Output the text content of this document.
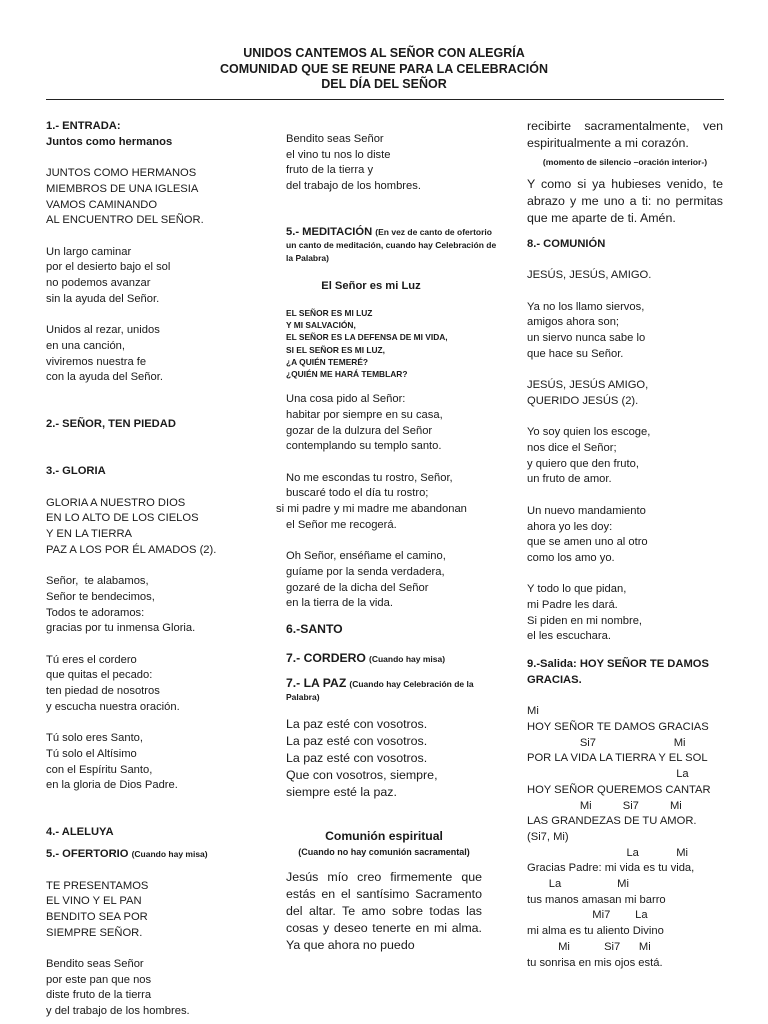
UNIDOS CANTEMOS AL SEÑOR CON ALEGRÍA
COMUNIDAD QUE SE REUNE PARA LA CELEBRACIÓN
DEL DÍA DEL SEÑOR
1.- ENTRADA:
Juntos como hermanos
JUNTOS COMO HERMANOS
MIEMBROS DE UNA IGLESIA
VAMOS CAMINANDO
AL ENCUENTRO DEL SEÑOR.
Un largo caminar
por el desierto bajo el sol
no podemos avanzar
sin la ayuda del Señor.
Unidos al rezar, unidos
en una canción,
viviremos nuestra fe
con la ayuda del Señor.
2.- SEÑOR, TEN PIEDAD
3.- GLORIA
GLORIA A NUESTRO DIOS
EN LO ALTO DE LOS CIELOS
Y EN LA TIERRA
PAZ A LOS POR ÉL AMADOS (2).
Señor,  te alabamos,
Señor te bendecimos,
Todos te adoramos:
gracias por tu inmensa Gloria.
Tú eres el cordero
que quitas el pecado:
ten piedad de nosotros
y escucha nuestra oración.
Tú solo eres Santo,
Tú solo el Altísimo
con el Espíritu Santo,
en la gloria de Dios Padre.
4.- ALELUYA
5.- OFERTORIO (Cuando hay misa)
TE PRESENTAMOS
EL VINO Y EL PAN
BENDITO SEA POR
SIEMPRE SEÑOR.
Bendito seas Señor
por este pan que nos
diste fruto de la tierra
y del trabajo de los hombres.
Bendito seas Señor
el vino tu nos lo diste
fruto de la tierra y
del trabajo de los hombres.
5.- MEDITACIÓN (En vez de canto de ofertorio un canto de meditación, cuando hay Celebración de la Palabra)
El Señor es mi Luz
EL SEÑOR ES MI LUZ
Y MI SALVACIÓN,
EL SEÑOR ES LA DEFENSA DE MI VIDA,
SI EL SEÑOR ES MI LUZ,
¿A QUIÉN TEMERÉ?
¿QUIÉN ME HARÁ TEMBLAR?
Una cosa pido al Señor:
habitar por siempre en su casa,
gozar de la dulzura del Señor
contemplando su templo santo.
No me escondas tu rostro, Señor,
buscaré todo el día tu rostro;
si mi padre y mi madre me abandonan
el Señor me recogerá.
Oh Señor, enséñame el camino,
guíame por la senda verdadera,
gozaré de la dicha del Señor
en la tierra de la vida.
6.-SANTO
7.- CORDERO (Cuando hay misa)
7.- LA PAZ (Cuando hay Celebración de la Palabra)
La paz esté con vosotros.
La paz esté con vosotros.
La paz esté con vosotros.
Que con vosotros, siempre,
siempre esté la paz.
Comunión espiritual
(Cuando no hay comunión sacramental)
Jesús mío creo firmemente que estás en el santísimo Sacramento del altar. Te amo sobre todas las cosas y deseo tenerte en mi alma. Ya que ahora no puedo
recibirte sacramentalmente, ven espiritualmente a mi corazón.
(momento de silencio –oración interior-)
Y como si ya hubieses venido, te abrazo y me uno a ti: no permitas que me aparte de ti. Amén.
8.- COMUNIÓN
JESÚS, JESÚS, AMIGO.
Ya no los llamo siervos,
amigos ahora son;
un siervo nunca sabe lo
que hace su Señor.
JESÚS, JESÚS AMIGO,
QUERIDO JESÚS (2).
Yo soy quien los escoge,
nos dice el Señor;
y quiero que den fruto,
un fruto de amor.
Un nuevo mandamiento
ahora yo les doy:
que se amen uno al otro
como los amo yo.
Y todo lo que pidan,
mi Padre les dará.
Si piden en mi nombre,
el les escuchara.
9.-Salida: HOY SEÑOR TE DAMOS GRACIAS.
Mi
HOY SEÑOR TE DAMOS GRACIAS
Si7                         Mi
POR LA VIDA LA TIERRA Y EL SOL
La
HOY SEÑOR QUEREMOS CANTAR
Mi          Si7          Mi
LAS GRANDEZAS DE TU AMOR.
(Si7, Mi)
La            Mi
Gracias Padre: mi vida es tu vida,
La                  Mi
tus manos amasan mi barro
Mi7        La
mi alma es tu aliento Divino
Mi           Si7      Mi
tu sonrisa en mis ojos está.
